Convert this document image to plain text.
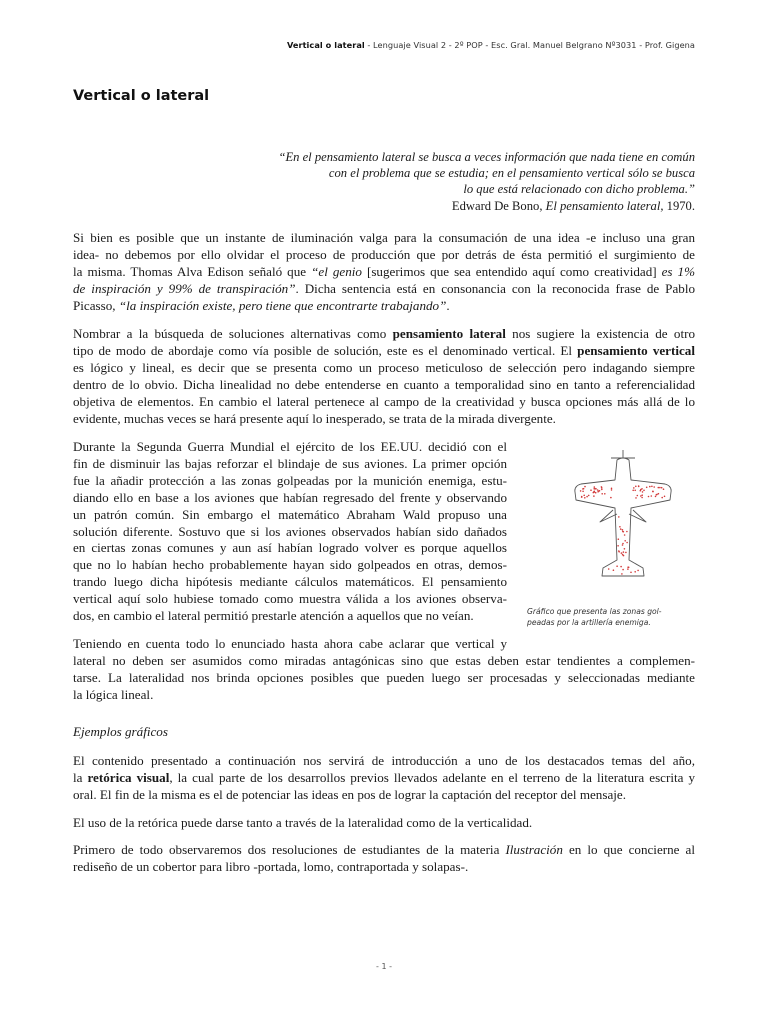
Vertical o lateral - Lenguaje Visual 2 - 2º POP - Esc. Gral. Manuel Belgrano Nº3031 - Prof. Gigena
Vertical o lateral
“En el pensamiento lateral se busca a veces información que nada tiene en común
con el problema que se estudia; en el pensamiento vertical sólo se busca
lo que está relacionado con dicho problema.”
Edward De Bono, El pensamiento lateral, 1970.

Si bien es posible que un instante de iluminación valga para la consumación de una idea -e incluso una gran
idea- no debemos por ello olvidar el proceso de producción que por detrás de ésta permitió el surgimiento de
la misma. Thomas Alva Edison señaló que “el genio [sugerimos que sea entendido aquí como creatividad] es 1%
de inspiración y 99% de transpiración”. Dicha sentencia está en consonancia con la reconocida frase de Pablo
Picasso, “la inspiración existe, pero tiene que encontrarte trabajando”.

Nombrar a la búsqueda de soluciones alternativas como pensamiento lateral nos sugiere la existencia de otro
tipo de modo de abordaje como vía posible de solución, este es el denominado vertical. El pensamiento vertical
es lógico y lineal, es decir que se presenta como un proceso meticuloso de selección pero indagando siempre
dentro de lo obvio. Dicha linealidad no debe entenderse en cuanto a temporalidad sino en tanto a referencialidad
objetiva de elementos. En cambio el lateral pertenece al campo de la creatividad y busca opciones más allá de lo
evidente, muchas veces se hará presente aquí lo inesperado, se trata de la mirada divergente.

Durante la Segunda Guerra Mundial el ejército de los EE.UU. decidió con el
fin de disminuir las bajas reforzar el blindaje de sus aviones. La primer opción
fue la añadir protección a las zonas golpeadas por la munición enemiga, estu-
diando ello en base a los aviones que habían regresado del frente y observando
un patrón común. Sin embargo el matemático Abraham Wald propuso una
solución diferente. Sostuvo que si los aviones observados habían sido dañados
en ciertas zonas comunes y aun así habían logrado volver es porque aquellos
que no lo habían hecho probablemente hayan sido golpeados en otras, demos-
trando luego dicha hipótesis mediante cálculos matemáticos. El pensamiento
vertical aquí solo hubiese tomado como muestra válida a los aviones observa-
dos, en cambio el lateral permitió prestarle atención a aquellos que no veían.	Gráfico que presenta las zonas gol-
peadas por la artillería enemiga.

Teniendo en cuenta todo lo enunciado hasta ahora cabe aclarar que vertical y
lateral no deben ser asumidos como miradas antagónicas sino que estas deben estar tendientes a complemen-
tarse. La lateralidad nos brinda opciones posibles que pueden luego ser procesadas y seleccionadas mediante
la lógica lineal.

Ejemplos gráficos

El contenido presentado a continuación nos servirá de introducción a uno de los destacados temas del año,
la retórica visual, la cual parte de los desarrollos previos llevados adelante en el terreno de la literatura escrita y
oral. El fin de la misma es el de potenciar las ideas en pos de lograr la captación del receptor del mensaje.

El uso de la retórica puede darse tanto a través de la lateralidad como de la verticalidad.

Primero de todo observaremos dos resoluciones de estudiantes de la materia Ilustración en lo que concierne al
rediseño de un cobertor para libro -portada, lomo, contraportada y solapas-.

- 1 -
